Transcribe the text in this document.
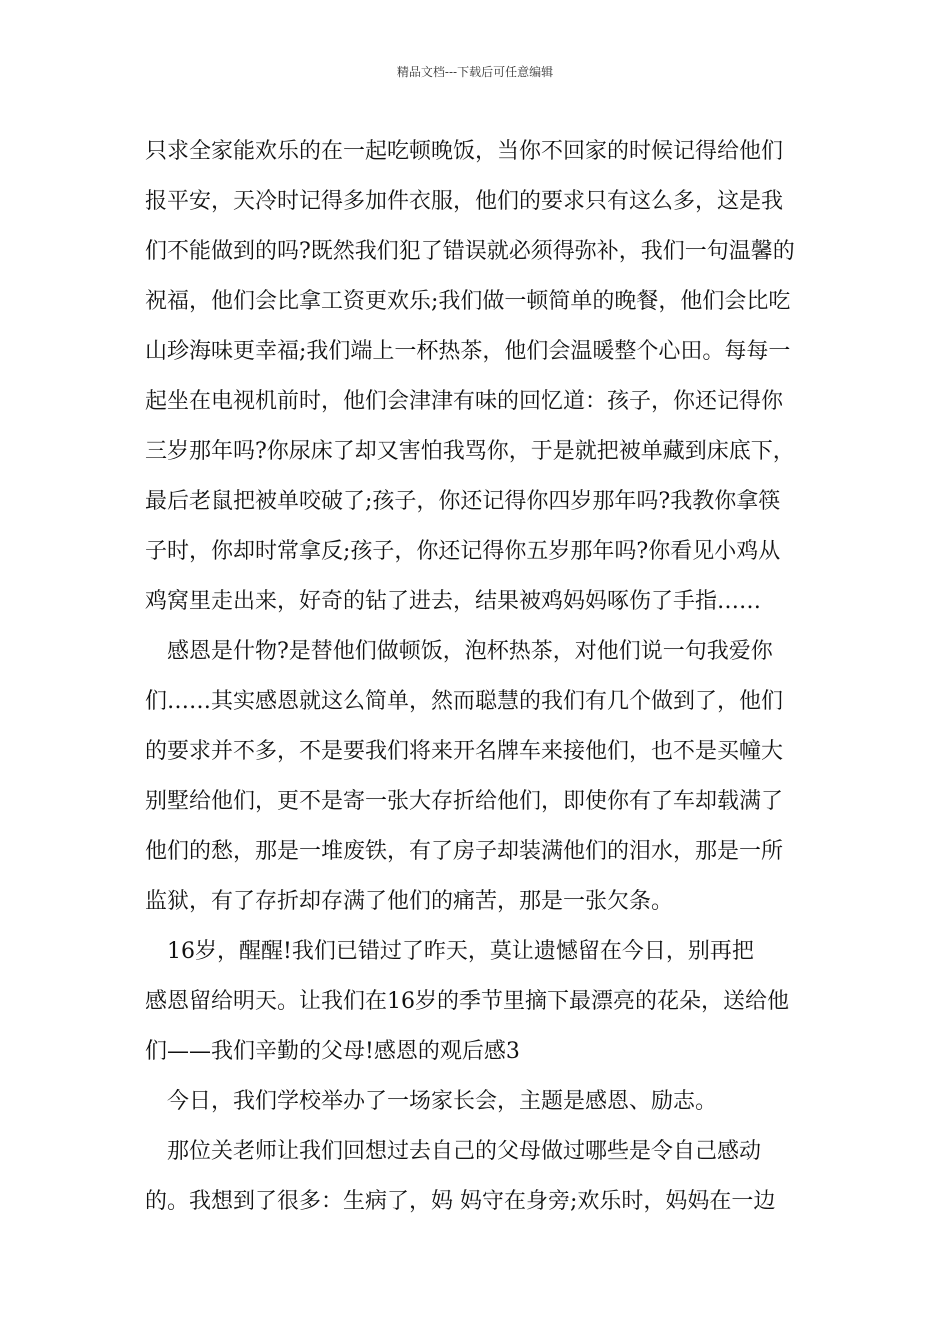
精品文档---下载后可任意编辑
只求全家能欢乐的在一起吃顿晚饭，当你不回家的时候记得给他们
报平安，天冷时记得多加件衣服，他们的要求只有这么多，这是我
们不能做到的吗?既然我们犯了错误就必须得弥补，我们一句温馨的
祝福，他们会比拿工资更欢乐;我们做一顿简单的晚餐，他们会比吃
山珍海味更幸福;我们端上一杯热茶，他们会温暖整个心田。每每一
起坐在电视机前时，他们会津津有味的回忆道：孩子，你还记得你
三岁那年吗?你尿床了却又害怕我骂你，于是就把被单藏到床底下，
最后老鼠把被单咬破了;孩子，你还记得你四岁那年吗?我教你拿筷
子时，你却时常拿反;孩子，你还记得你五岁那年吗?你看见小鸡从
鸡窝里走出来，好奇的钻了进去，结果被鸡妈妈啄伤了手指……
　感恩是什物?是替他们做顿饭，泡杯热茶，对他们说一句我爱你
们……其实感恩就这么简单，然而聪慧的我们有几个做到了，他们
的要求并不多，不是要我们将来开名牌车来接他们，也不是买幢大
别墅给他们，更不是寄一张大存折给他们，即使你有了车却载满了
他们的愁，那是一堆废铁，有了房子却装满他们的泪水，那是一所
监狱，有了存折却存满了他们的痛苦，那是一张欠条。
　16岁，醒醒!我们已错过了昨天，莫让遗憾留在今日，别再把
感恩留给明天。让我们在16岁的季节里摘下最漂亮的花朵，送给他
们——我们辛勤的父母!感恩的观后感3
　今日，我们学校举办了一场家长会，主题是感恩、励志。
　那位关老师让我们回想过去自己的父母做过哪些是令自己感动
的。我想到了很多：生病了，妈 妈守在身旁;欢乐时，妈妈在一边
